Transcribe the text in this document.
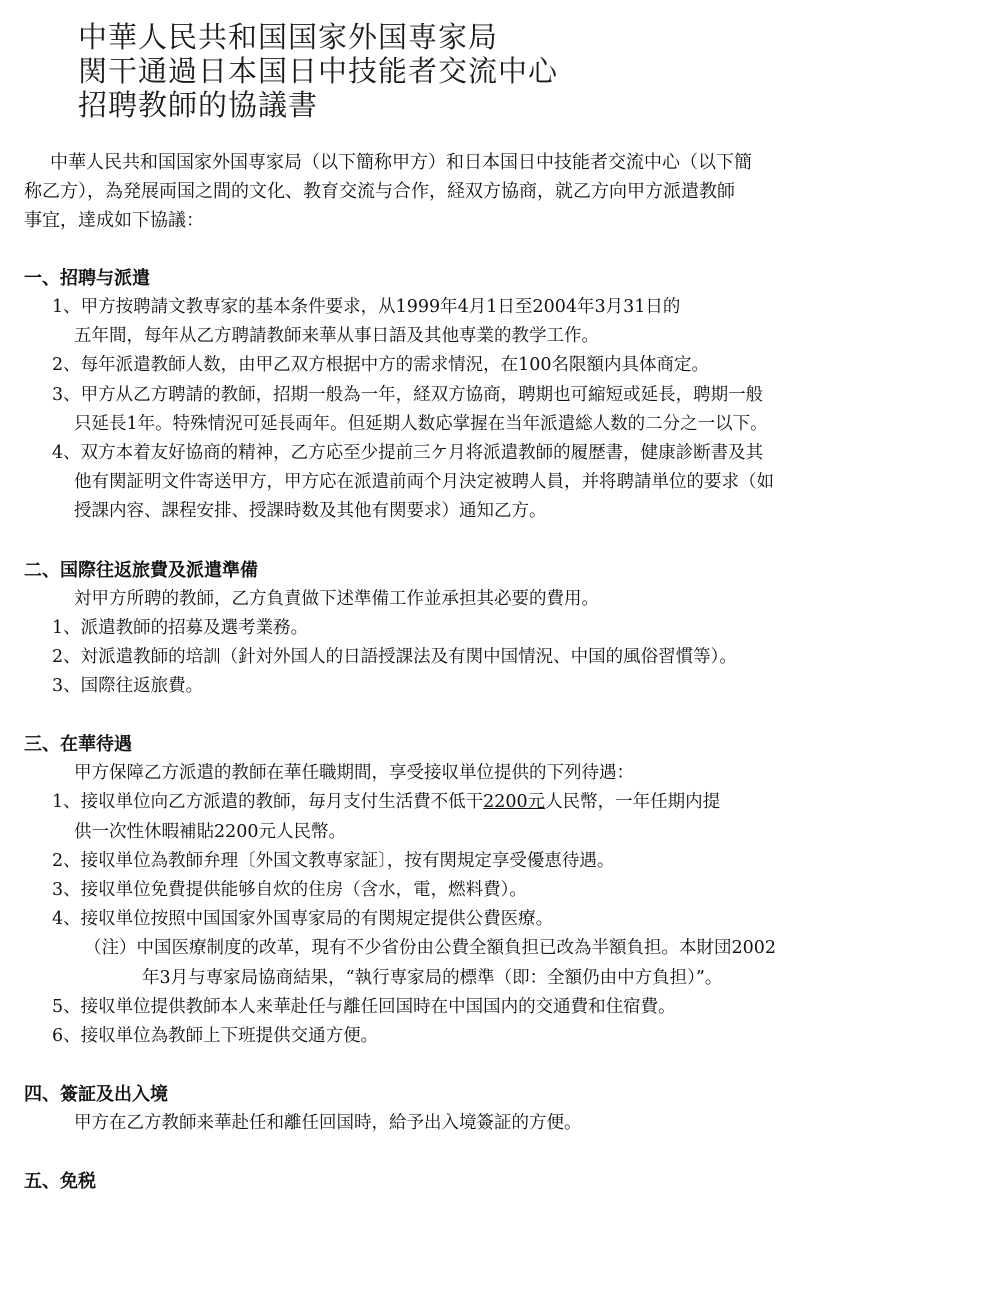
中華人民共和国国家外国専家局
関干通過日本国日中技能者交流中心
招聘教師的協議書
中華人民共和国国家外国専家局（以下簡称甲方）和日本国日中技能者交流中心（以下簡
称乙方），為発展両国之間的文化、教育交流与合作，経双方協商，就乙方向甲方派遣教師
事宜，達成如下協議：
一、招聘与派遣
1、甲方按聘請文教専家的基本条件要求，从1999年4月1日至2004年3月31日的
五年間，每年从乙方聘請教師来華从事日語及其他専業的教学工作。
2、每年派遣教師人数，由甲乙双方根据中方的需求情況，在100名限額内具体商定。
3、甲方从乙方聘請的教師，招期一般為一年，経双方協商，聘期也可縮短或延長，聘期一般
只延長1年。特殊情況可延長両年。但延期人数応掌握在当年派遣総人数的二分之一以下。
4、双方本着友好協商的精神，乙方応至少提前三ケ月将派遣教師的履歴書，健康診断書及其
他有関証明文件寄送甲方，甲方応在派遣前両个月決定被聘人員，并将聘請単位的要求（如
授課内容、課程安排、授課時数及其他有関要求）通知乙方。
二、国際往返旅費及派遣準備
対甲方所聘的教師，乙方負責做下述準備工作並承担其必要的費用。
1、派遣教師的招募及選考業務。
2、対派遣教師的培訓（針対外国人的日語授課法及有関中国情況、中国的風俗習慣等）。
3、国際往返旅費。
三、在華待遇
甲方保障乙方派遣的教師在華任職期間，享受接収単位提供的下列待遇：
1、接収単位向乙方派遣的教師，毎月支付生活費不低干2200元人民幣，一年任期内提
供一次性休暇補貼2200元人民幣。
2、接収単位為教師弁理〔外国文教専家証〕，按有関規定享受優恵待遇。
3、接収単位免費提供能够自炊的住房（含水，電，燃料費）。
4、接収単位按照中国国家外国専家局的有関規定提供公費医療。
（注）中国医療制度的改革，現有不少省份由公費全額負担已改為半額負担。本財団2002
年3月与専家局協商結果，“執行専家局的標準（即：全額仍由中方負担）”。
5、接収単位提供教師本人来華赴任与離任回国時在中国国内的交通費和住宿費。
6、接収単位為教師上下班提供交通方便。
四、簽証及出入境
甲方在乙方教師来華赴任和離任回国時，給予出入境簽証的方便。
五、免税
